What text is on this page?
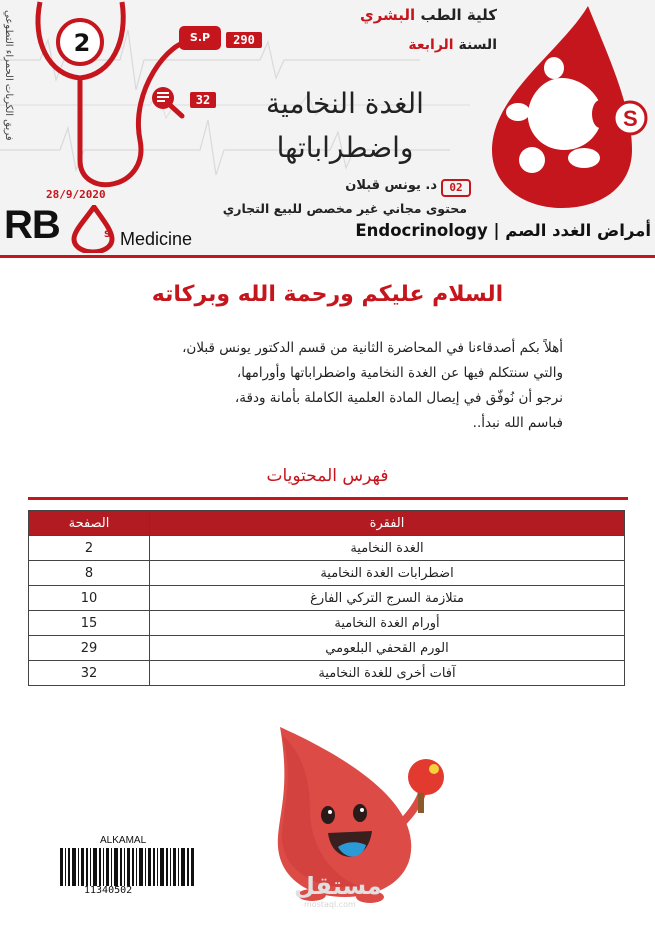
2	S.P	290
32
فريق الكريات الحمراء التطوعي
28/9/2020
كلية الطب البشري
السنة الرابعة
الغدة النخامية
واضطراباتها
د. يونس قبلان	02
محتوى مجاني غير مخصص للبيع التجاري
Endocrinology | أمراض الغدد الصم
S
RB	S Medicine
السلام عليكم ورحمة الله وبركاته
أهلاً بكم أصدقاءنا في المحاضرة الثانية من قسم الدكتور يونس قبلان،
والتي سنتكلم فيها عن الغدة النخامية واضطراباتها وأورامها،
نرجو أن نُوفّق في إيصال المادة العلمية الكاملة بأمانة ودقة،
فباسم الله نبدأ..
فهرس المحتويات
الفقرة	الصفحة
الغدة النخامية	2
اضطرابات الغدة النخامية	8
متلازمة السرج التركي الفارغ	10
أورام الغدة النخامية	15
الورم القحفي البلعومي	29
آفات أخرى للغدة النخامية	32
ALKAMAL
11340502	مستقل
mostaql.com
